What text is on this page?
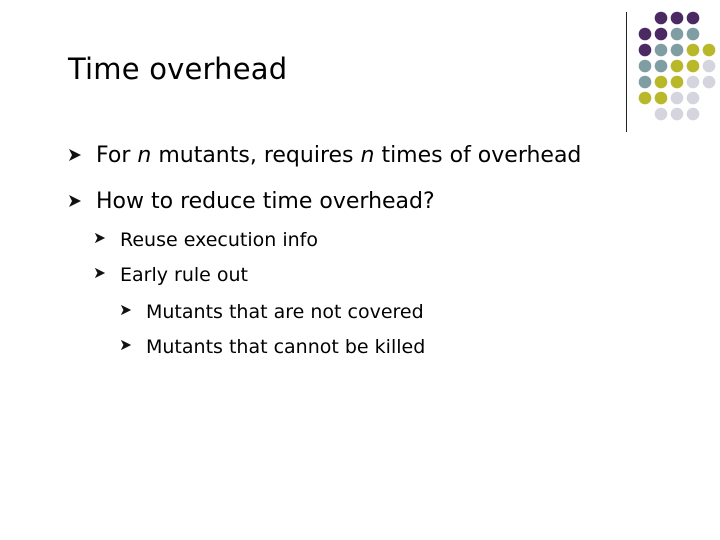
Time overhead
For n mutants, requires n times of overhead
How to reduce time overhead?
Reuse execution info
Early rule out
Mutants that are not covered
Mutants that cannot be killed
